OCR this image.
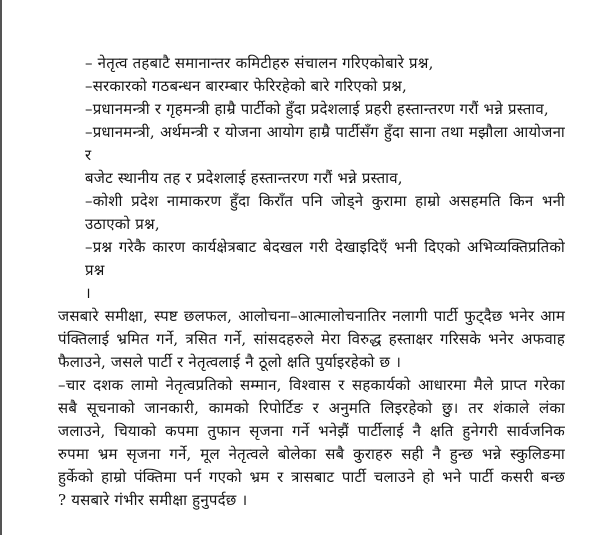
– नेतृत्व तहबाटै समानान्तर कमिटीहरु संचालन गरिएकोबारे प्रश्न,
–सरकारको गठबन्धन बारम्बार फेरिरहेको बारे गरिएको प्रश्न,
–प्रधानमन्त्री र गृहमन्त्री हाम्रै पार्टीको हुँदा प्रदेशलाई प्रहरी हस्तान्तरण गरौं भन्ने प्रस्ताव,
–प्रधानमन्त्री, अर्थमन्त्री र योजना आयोग हाम्रै पार्टीसँग हुँदा साना तथा मझौला आयोजना र
बजेट स्थानीय तह र प्रदेशलाई हस्तान्तरण गरौं भन्ने प्रस्ताव,
–कोशी प्रदेश नामाकरण हुँदा किराँत पनि जोड्ने कुरामा हाम्रो असहमति किन भनी
उठाएको प्रश्न,
–प्रश्न गरेकै कारण कार्यक्षेत्रबाट बेदखल गरी देखाइदिएँ भनी दिएको अभिव्यक्तिप्रतिको प्रश्न
।
जसबारे समीक्षा, स्पष्ट छलफल, आलोचना–आत्मालोचनातिर नलागी पार्टी फुट्दैछ भनेर आम
पंक्तिलाई भ्रमित गर्ने, त्रसित गर्ने, सांसदहरुले मेरा विरुद्ध हस्ताक्षर गरिसके भनेर अफवाह
फैलाउने, जसले पार्टी र नेतृत्वलाई नै ठूलो क्षति पुर्याइरहेको छ ।
–चार दशक लामो नेतृत्वप्रतिको सम्मान, विश्वास र सहकार्यको आधारमा मैले प्राप्त गरेका
सबै सूचनाको जानकारी, कामको रिपोर्टिङ र अनुमति लिइरहेको छु। तर शंकाले लंका
जलाउने, चियाको कपमा तुफान सृजना गर्ने भनेझैं पार्टीलाई नै क्षति हुनेगरी सार्वजनिक
रुपमा भ्रम सृजना गर्ने, मूल नेतृत्वले बोलेका सबै कुराहरु सही नै हुन्छ भन्ने स्कुलिङमा
हुर्केको हाम्रो पंक्तिमा पर्न गएको भ्रम र त्रासबाट पार्टी चलाउने हो भने पार्टी कसरी बन्छ
? यसबारे गंभीर समीक्षा हुनुपर्दछ ।
